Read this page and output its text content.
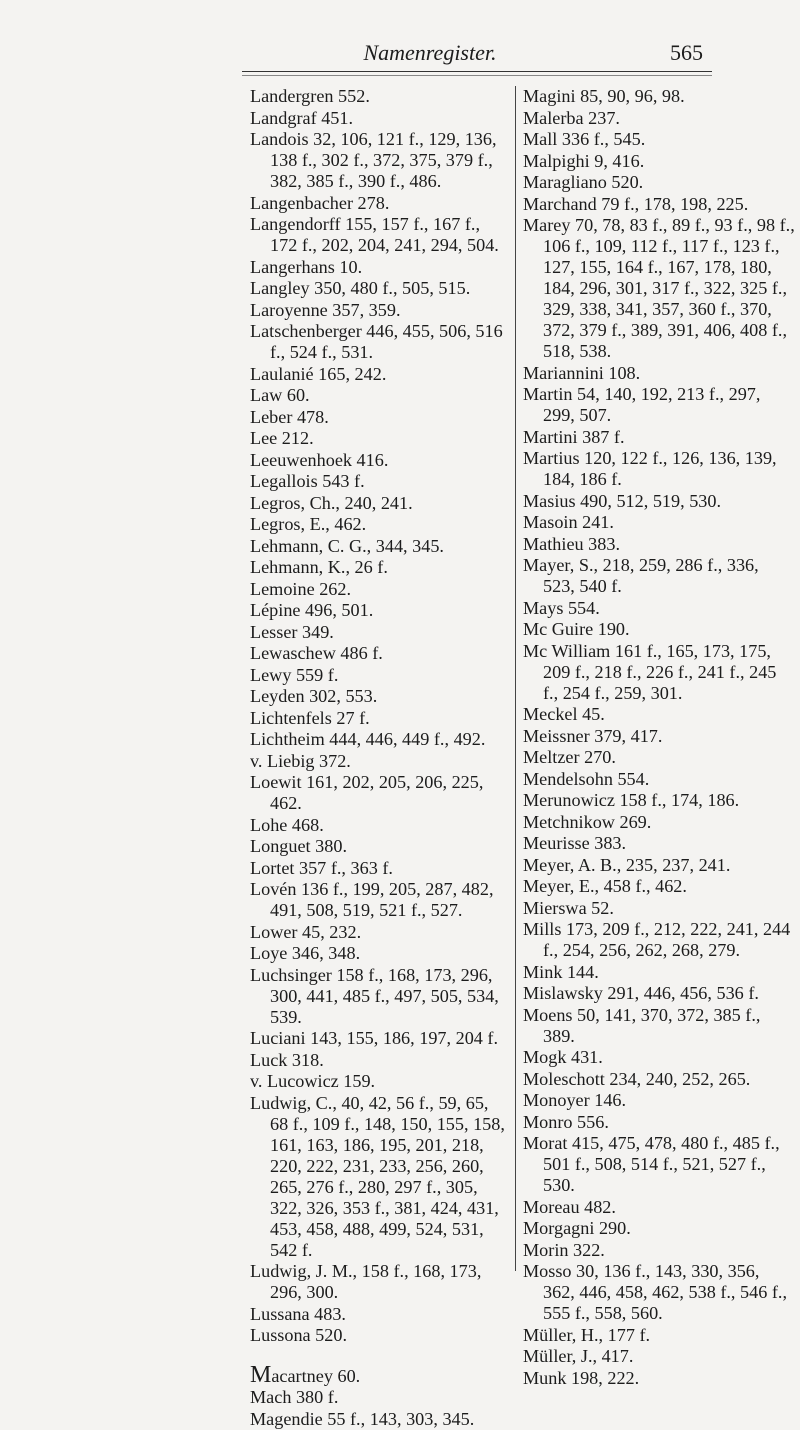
Namenregister.	565

Landergren 552.

Landgraf 451.

Landois 32, 106, 121 f., 129, 136, 138 f., 302 f., 372, 375, 379 f., 382, 385 f., 390 f., 486.

Langenbacher 278.

Langendorff 155, 157 f., 167 f., 172 f., 202, 204, 241, 294, 504.

Langerhans 10.

Langley 350, 480 f., 505, 515.

Laroyenne 357, 359.

Latschenberger 446, 455, 506, 516 f., 524 f., 531.

Laulanié 165, 242.

Law 60.

Leber 478.

Lee 212.

Leeuwenhoek 416.

Legallois 543 f.

Legros, Ch., 240, 241.

Legros, E., 462.

Lehmann, C. G., 344, 345.

Lehmann, K., 26 f.

Lemoine 262.

Lépine 496, 501.

Lesser 349.

Lewaschew 486 f.

Lewy 559 f.

Leyden 302, 553.

Lichtenfels 27 f.

Lichtheim 444, 446, 449 f., 492.

v. Liebig 372.

Loewit 161, 202, 205, 206, 225, 462.

Lohe 468.

Longuet 380.

Lortet 357 f., 363 f.

Lovén 136 f., 199, 205, 287, 482, 491, 508, 519, 521 f., 527.

Lower 45, 232.

Loye 346, 348.

Luchsinger 158 f., 168, 173, 296, 300, 441, 485 f., 497, 505, 534, 539.

Luciani 143, 155, 186, 197, 204 f.

Luck 318.

v. Lucowicz 159.

Ludwig, C., 40, 42, 56 f., 59, 65, 68 f., 109 f., 148, 150, 155, 158, 161, 163, 186, 195, 201, 218, 220, 222, 231, 233, 256, 260, 265, 276 f., 280, 297 f., 305, 322, 326, 353 f., 381, 424, 431, 453, 458, 488, 499, 524, 531, 542 f.

Ludwig, J. M., 158 f., 168, 173, 296, 300.

Lussana 483.

Lussona 520.

Macartney 60.

Mach 380 f.

Magendie 55 f., 143, 303, 345.

Magini 85, 90, 96, 98.

Malerba 237.

Mall 336 f., 545.

Malpighi 9, 416.

Maragliano 520.

Marchand 79 f., 178, 198, 225.

Marey 70, 78, 83 f., 89 f., 93 f., 98 f., 106 f., 109, 112 f., 117 f., 123 f., 127, 155, 164 f., 167, 178, 180, 184, 296, 301, 317 f., 322, 325 f., 329, 338, 341, 357, 360 f., 370, 372, 379 f., 389, 391, 406, 408 f., 518, 538.

Mariannini 108.

Martin 54, 140, 192, 213 f., 297, 299, 507.

Martini 387 f.

Martius 120, 122 f., 126, 136, 139, 184, 186 f.

Masius 490, 512, 519, 530.

Masoin 241.

Mathieu 383.

Mayer, S., 218, 259, 286 f., 336, 523, 540 f.

Mays 554.

Mc Guire 190.

Mc William 161 f., 165, 173, 175, 209 f., 218 f., 226 f., 241 f., 245 f., 254 f., 259, 301.

Meckel 45.

Meissner 379, 417.

Meltzer 270.

Mendelsohn 554.

Merunowicz 158 f., 174, 186.

Metchnikow 269.

Meurisse 383.

Meyer, A. B., 235, 237, 241.

Meyer, E., 458 f., 462.

Mierswa 52.

Mills 173, 209 f., 212, 222, 241, 244 f., 254, 256, 262, 268, 279.

Mink 144.

Mislawsky 291, 446, 456, 536 f.

Moens 50, 141, 370, 372, 385 f., 389.

Mogk 431.

Moleschott 234, 240, 252, 265.

Monoyer 146.

Monro 556.

Morat 415, 475, 478, 480 f., 485 f., 501 f., 508, 514 f., 521, 527 f., 530.

Moreau 482.

Morgagni 290.

Morin 322.

Mosso 30, 136 f., 143, 330, 356, 362, 446, 458, 462, 538 f., 546 f., 555 f., 558, 560.

Müller, H., 177 f.

Müller, J., 417.

Munk 198, 222.
